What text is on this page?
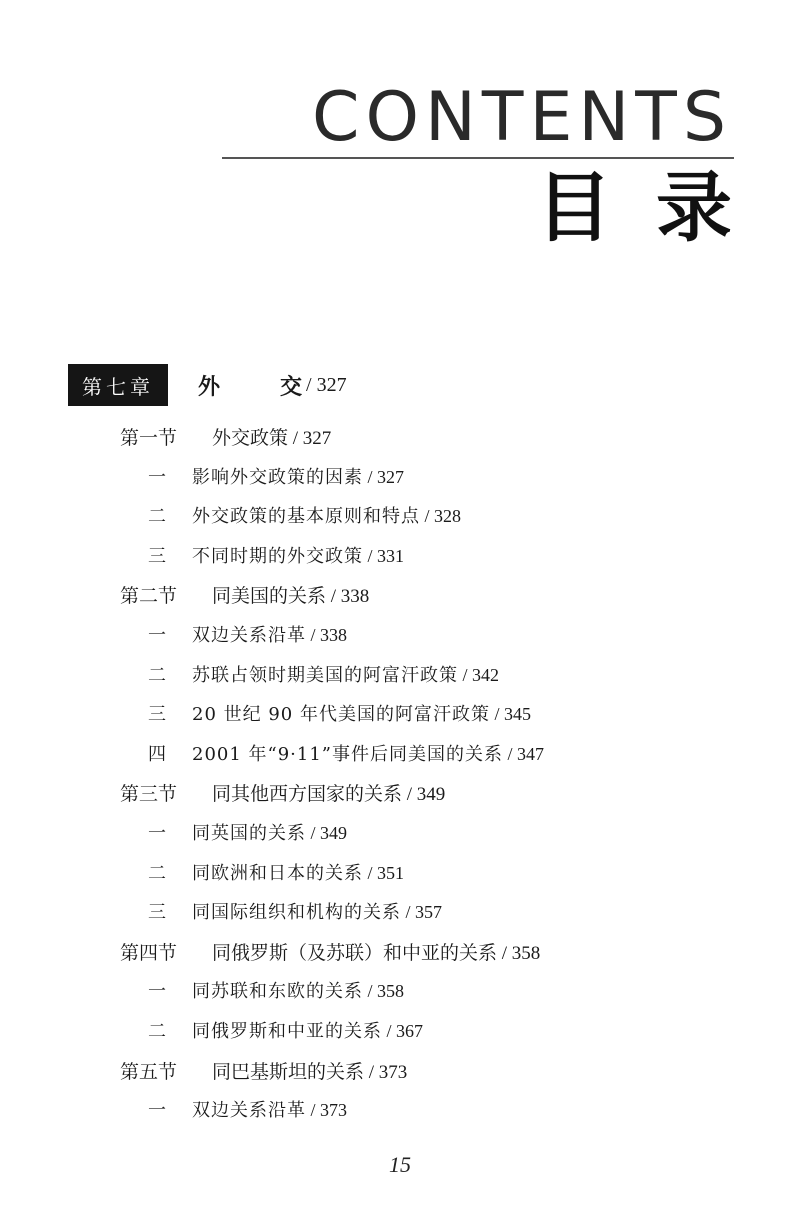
CONTENTS
目录
第七章	外交 / 327
第一节 外交政策 / 327
一 影响外交政策的因素 / 327
二 外交政策的基本原则和特点 / 328
三 不同时期的外交政策 / 331
第二节 同美国的关系 / 338
一 双边关系沿革 / 338
二 苏联占领时期美国的阿富汗政策 / 342
三 20 世纪 90 年代美国的阿富汗政策 / 345
四 2001 年“9·11”事件后同美国的关系 / 347
第三节 同其他西方国家的关系 / 349
一 同英国的关系 / 349
二 同欧洲和日本的关系 / 351
三 同国际组织和机构的关系 / 357
第四节 同俄罗斯（及苏联）和中亚的关系 / 358
一 同苏联和东欧的关系 / 358
二 同俄罗斯和中亚的关系 / 367
第五节 同巴基斯坦的关系 / 373
一 双边关系沿革 / 373
15
